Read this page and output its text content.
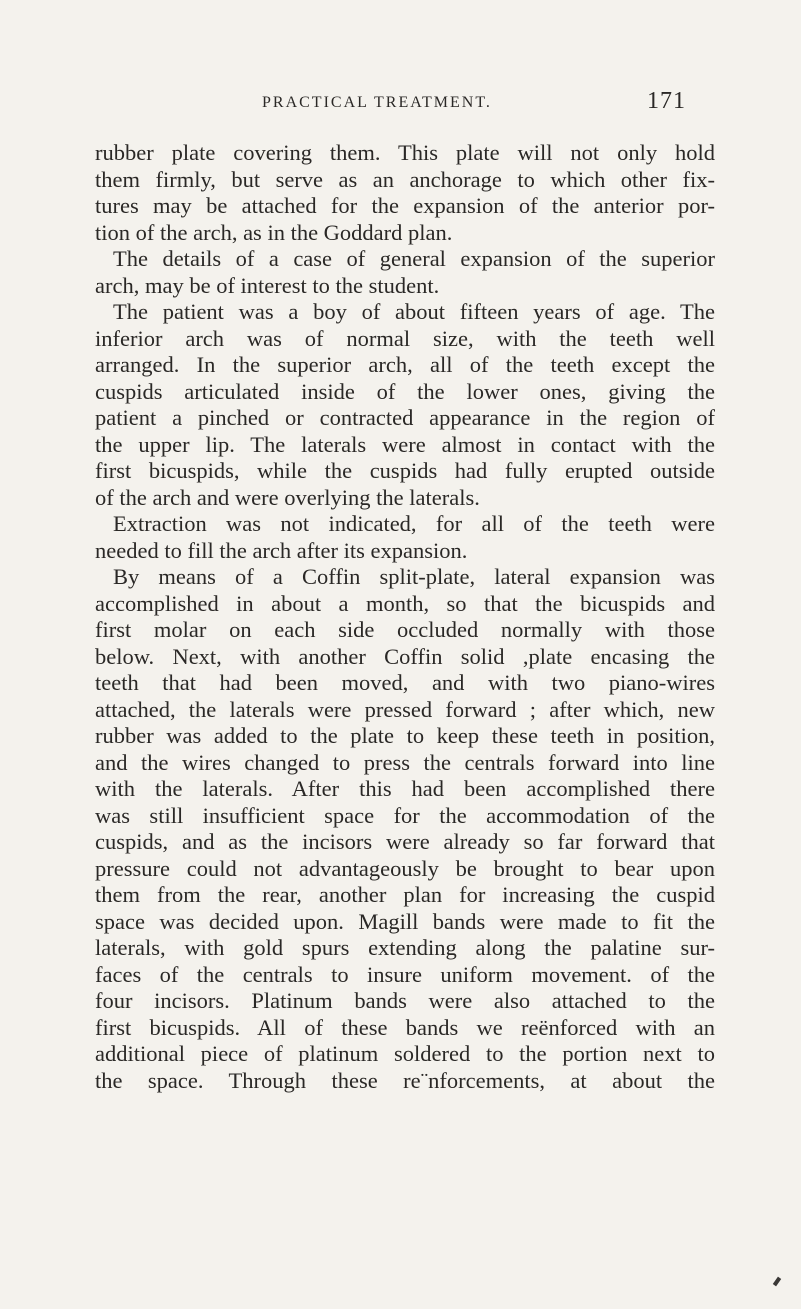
PRACTICAL TREATMENT.	171
rubber plate covering them. This plate will not only hold
them firmly, but serve as an anchorage to which other fix-
tures may be attached for the expansion of the anterior por-
tion of the arch, as in the Goddard plan.
The details of a case of general expansion of the superior
arch, may be of interest to the student.
The patient was a boy of about fifteen years of age. The
inferior arch was of normal size, with the teeth well
arranged. In the superior arch, all of the teeth except the
cuspids articulated inside of the lower ones, giving the
patient a pinched or contracted appearance in the region of
the upper lip. The laterals were almost in contact with the
first bicuspids, while the cuspids had fully erupted outside
of the arch and were overlying the laterals.
Extraction was not indicated, for all of the teeth were
needed to fill the arch after its expansion.
By means of a Coffin split-plate, lateral expansion was
accomplished in about a month, so that the bicuspids and
first molar on each side occluded normally with those
below. Next, with another Coffin solid ,plate encasing the
teeth that had been moved, and with two piano-wires
attached, the laterals were pressed forward ; after which, new
rubber was added to the plate to keep these teeth in position,
and the wires changed to press the centrals forward into line
with the laterals. After this had been accomplished there
was still insufficient space for the accommodation of the
cuspids, and as the incisors were already so far forward that
pressure could not advantageously be brought to bear upon
them from the rear, another plan for increasing the cuspid
space was decided upon. Magill bands were made to fit the
laterals, with gold spurs extending along the palatine sur-
faces of the centrals to insure uniform movement. of the
four incisors. Platinum bands were also attached to the
first bicuspids. All of these bands we reënforced with an
additional piece of platinum soldered to the portion next to
the space. Through these re¨nforcements, at about the
